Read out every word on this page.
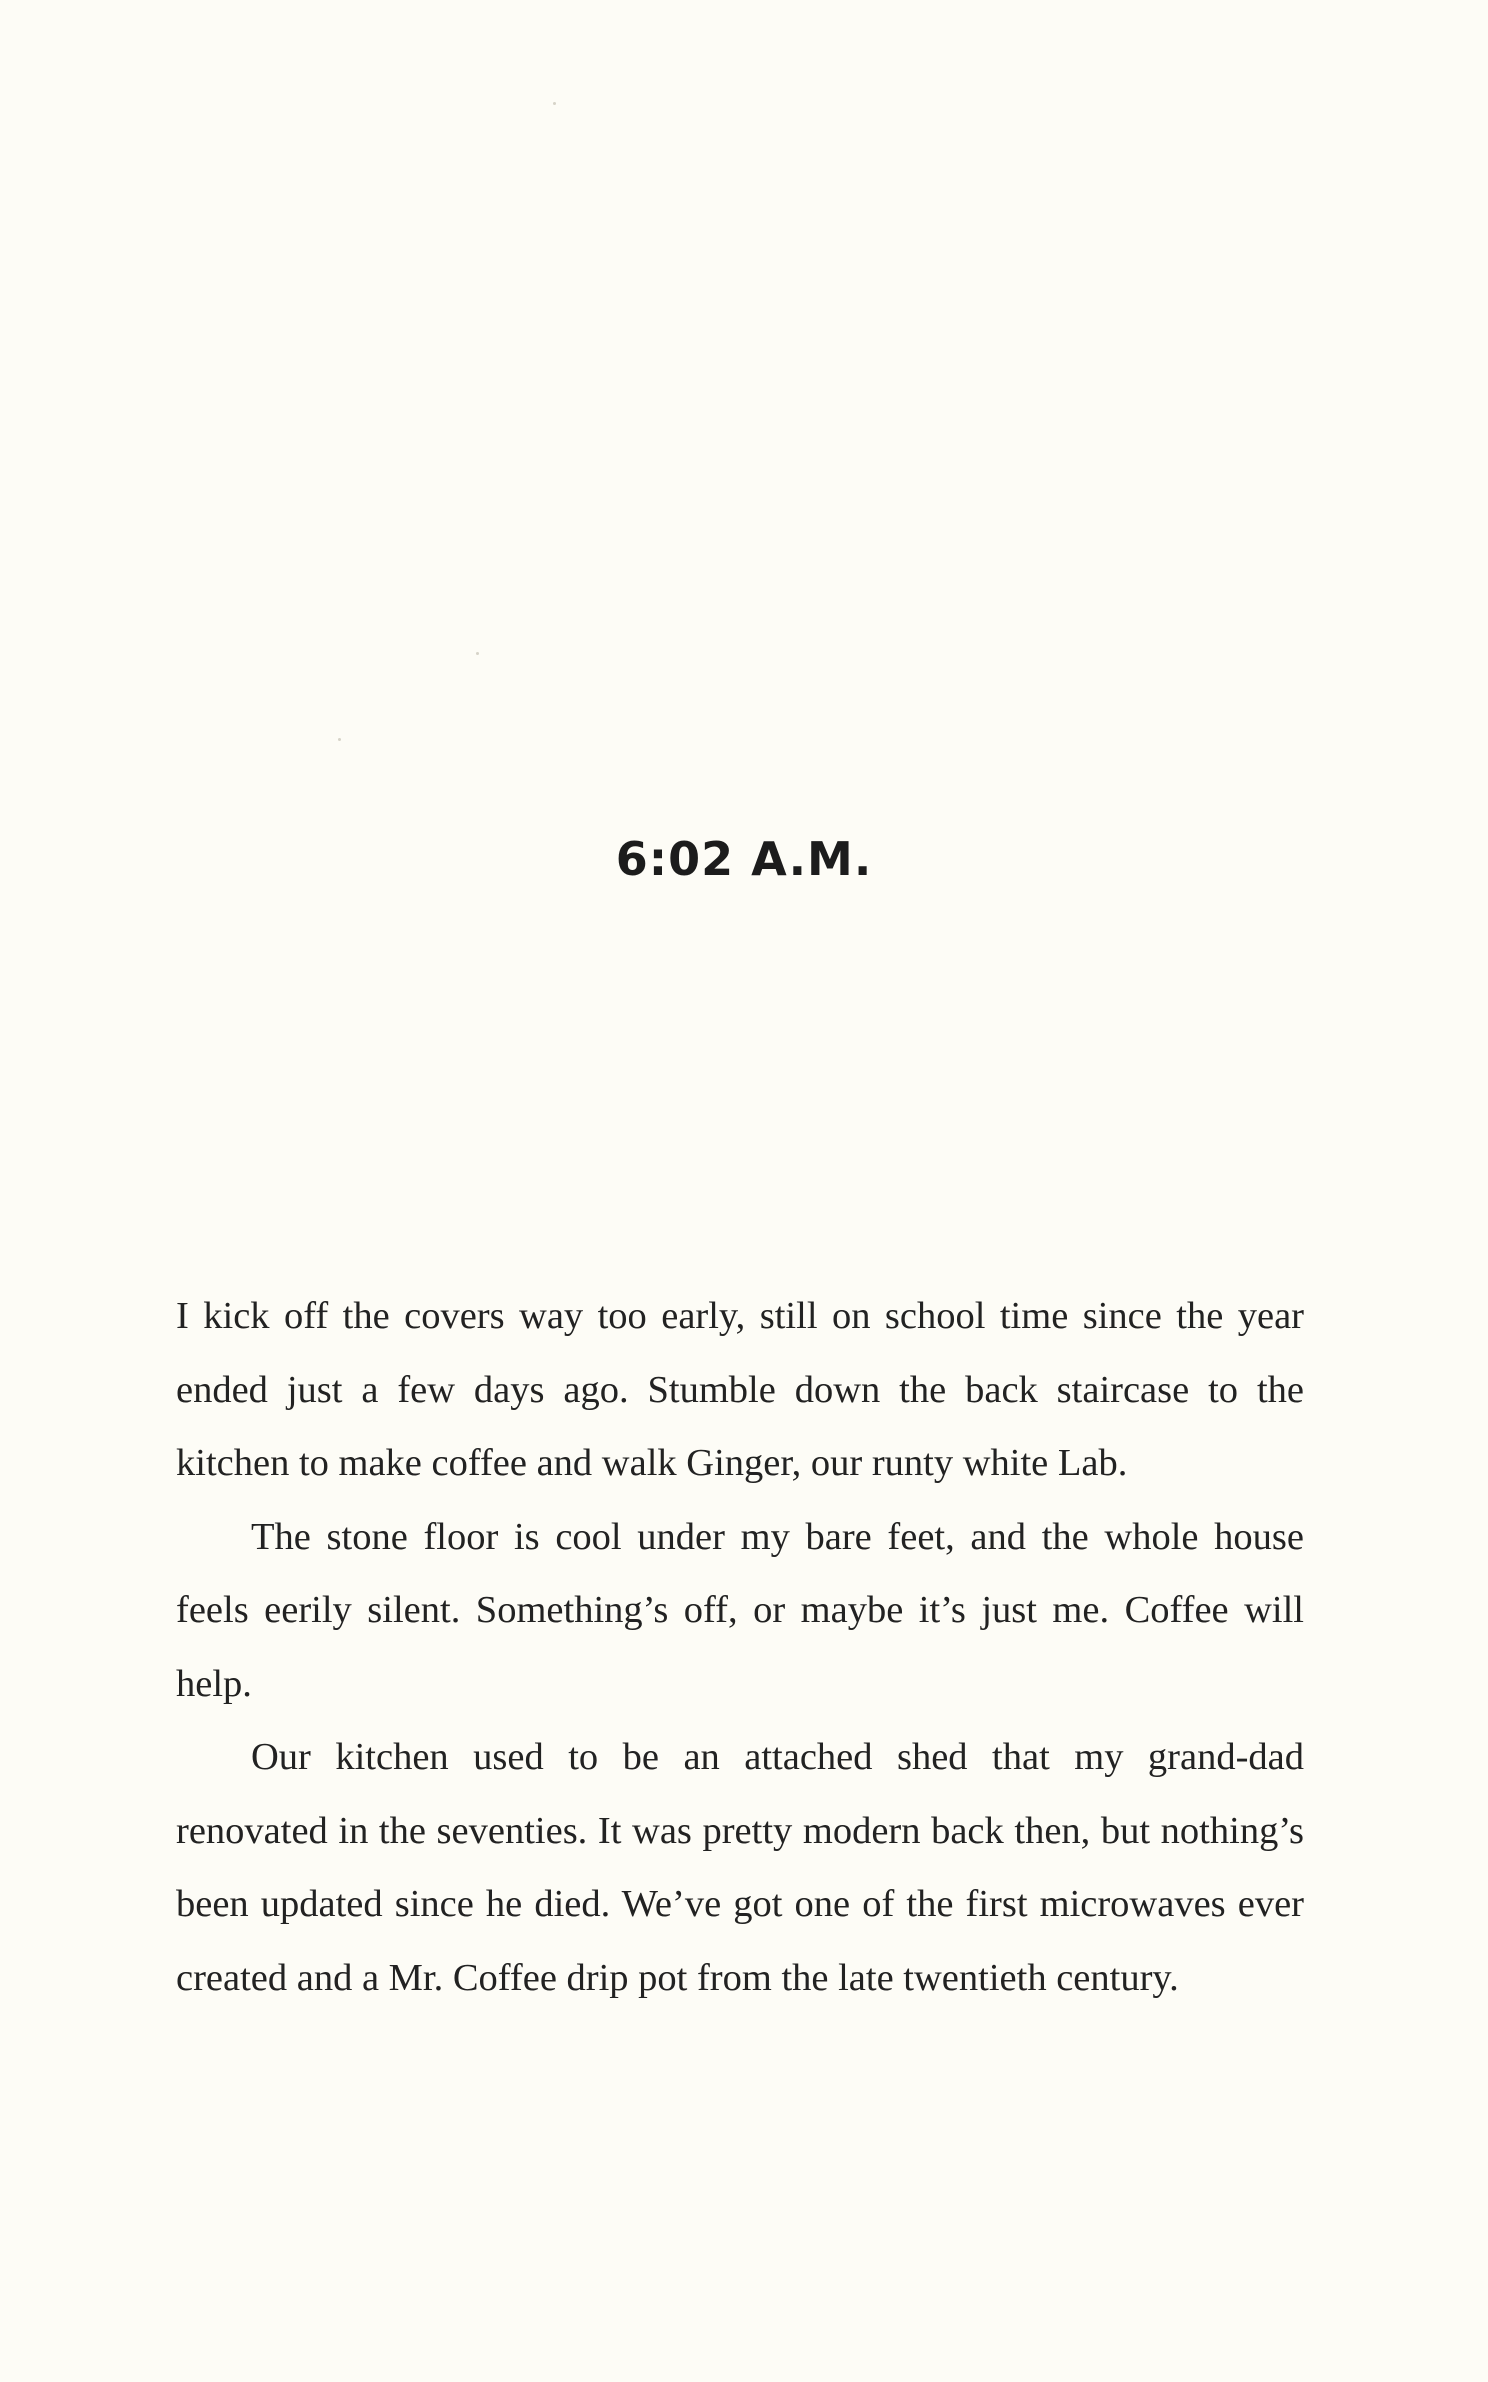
6:02 A.M.

I kick off the covers way too early, still on school time since the year ended just a few days ago. Stumble down the back staircase to the kitchen to make coffee and walk Ginger, our runty white Lab.

The stone floor is cool under my bare feet, and the whole house feels eerily silent. Something’s off, or maybe it’s just me. Coffee will help.

Our kitchen used to be an attached shed that my grand-dad renovated in the seventies. It was pretty modern back then, but nothing’s been updated since he died. We’ve got one of the first microwaves ever created and a Mr. Coffee drip pot from the late twentieth century.
